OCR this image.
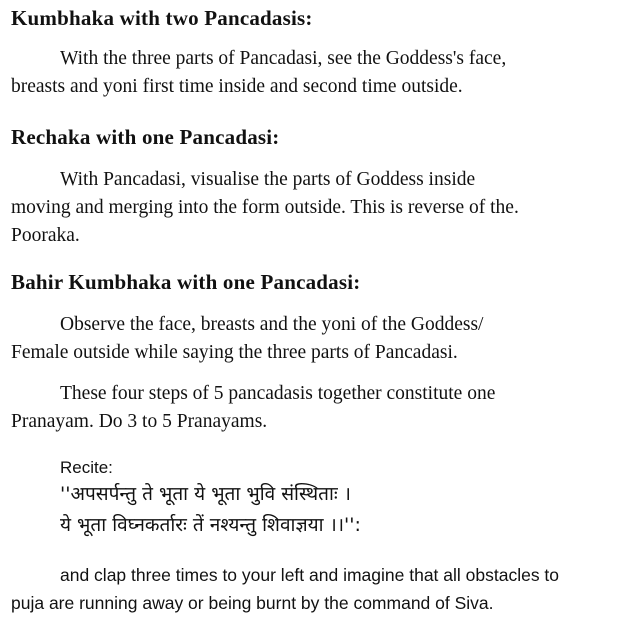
Kumbhaka with two Pancadasis:
With the three parts of Pancadasi, see the Goddess's face,
breasts and yoni first time inside and second time outside.
Rechaka with one Pancadasi:
With Pancadasi, visualise the parts of Goddess inside
moving and merging into the form outside. This is reverse of the.
Pooraka.
Bahir Kumbhaka with one Pancadasi:
Observe the face, breasts and the yoni of the Goddess/
Female outside while saying the three parts of Pancadasi.
These four steps of 5 pancadasis together constitute one
Pranayam. Do 3 to 5 Pranayams.
Recite:
''अपसर्पन्तु ते भूता ये भूता भुवि संस्थिताः ।
ये भूता विघ्नकर्तारः तें नश्यन्तु शिवाज्ञया ।।'':
and clap three times to your left and imagine that all obstacles to
puja are running away or being burnt by the command of Siva.
